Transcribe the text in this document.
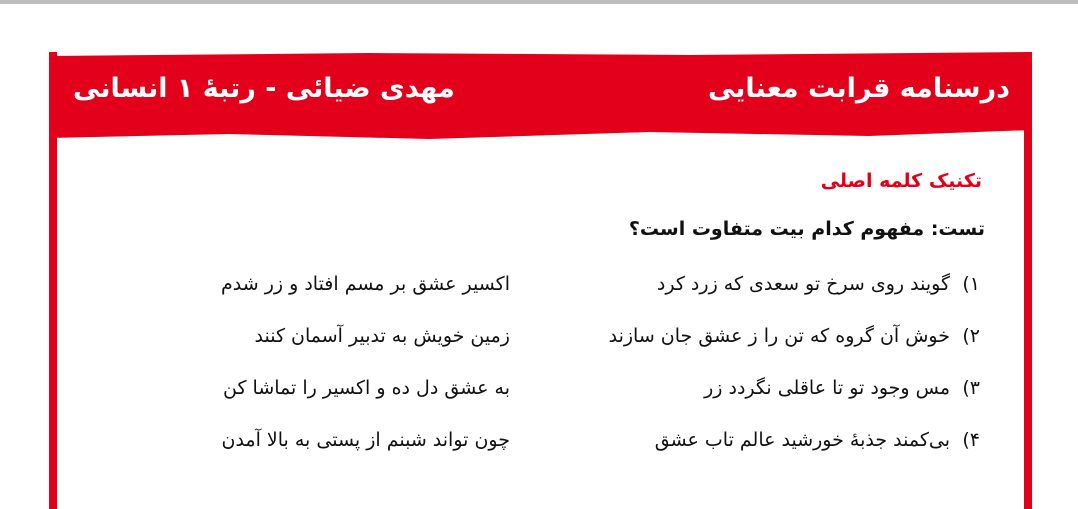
درسنامه قرابت معنایی
مهدی ضیائی - رتبهٔ ۱ انسانی
تکنیک کلمه اصلی
تست: مفهوم کدام بیت متفاوت است؟
۱)
گویند روی سرخ تو سعدی که زرد کرد
اکسیر عشق بر مسم افتاد و زر شدم
۲)
خوش آن گروه که تن را ز عشق جان سازند
زمین خویش به تدبیر آسمان کنند
۳)
مس وجود تو تا عاقلی نگردد زر
به عشق دل ده و اکسیر را تماشا کن
۴)
بی‌کمند جذبهٔ خورشید عالم تاب عشق
چون تواند شبنم از پستی به بالا آمدن
